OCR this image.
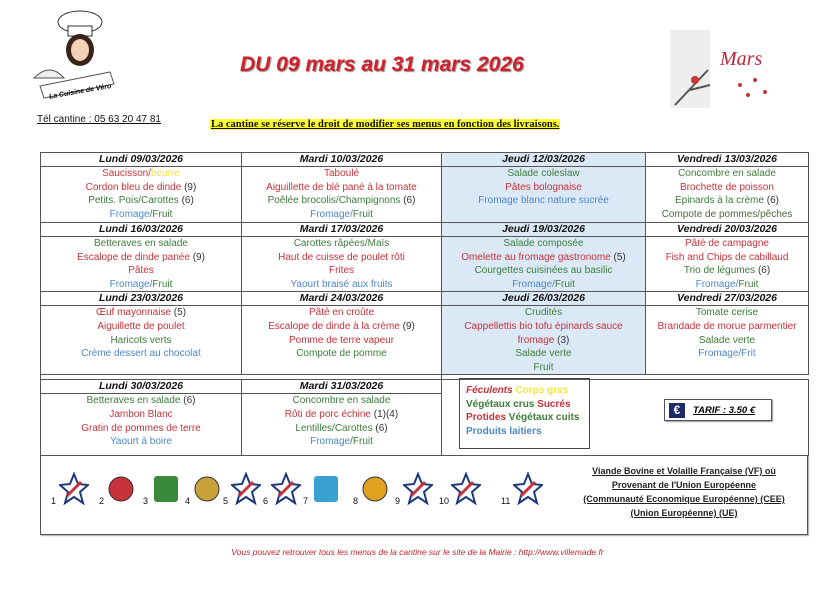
La Cuisine de Véro
Tél cantine : 05 63 20 47 81
DU 09 mars au 31 mars 2026
La cantine se réserve le droit de modifier ses menus en fonction des livraisons.
Mars
Lundi 09/03/2026	Mardi 10/03/2026	Jeudi 12/03/2026	Vendredi 13/03/2026

Saucisson/beurre
Cordon bleu de dinde (9)
Petits. Pois/Carottes (6)
Fromage/Fruit	Taboulé
Aiguillette de blé pané à la tomate
Poêlée brocolis/Champignons (6)
Fromage/Fruit	Salade coleslaw
Pâtes bolognaise
Fromage blanc nature sucrée	Concombre en salade
Brochette de poisson
Epinards à la crème (6)
Compote de pommes/pêches

Lundi 16/03/2026	Mardi 17/03/2026	Jeudi 19/03/2026	Vendredi 20/03/2026

Betteraves en salade
Escalope de dinde panée (9)
Pâtes
Fromage/Fruit	Carottes râpées/Maïs
Haut de cuisse de poulet rôti
Frites
Yaourt braisé aux fruits	Salade composée
Omelette au fromage gastronome (5)
Courgettes cuisinées au basilic
Fromage/Fruit	Pâté de campagne
Fish and Chips de cabillaud
Trio de légumes (6)
Fromage/Fruit

Lundi 23/03/2026	Mardi 24/03/2026	Jeudi 26/03/2026	Vendredi 27/03/2026

Œuf mayonnaise (5)
Aiguillette de poulet
Haricots verts
Crème dessert au chocolat	Pâté en croûte
Escalope de dinde à la crème (9)
Pomme de terre vapeur
Compote de pomme	Crudités
Cappellettis bio tofu épinards sauce
fromage (3)
Salade verte
Fruit	Tomate cerise
Brandade de morue parmentier
Salade verte
Fromage/Frit

Lundi 30/03/2026	Mardi 31/03/2026		

Betteraves en salade (6)
Jambon Blanc
Gratin de pommes de terre
Yaourt à boire	Concombre en salade
Rôti de porc échine (1)(4)
Lentilles/Carottes (6)
Fromage/Fruit		
Féculents Corps gras
Végétaux crus Sucrés
Protides Végétaux cuits
Produits laitiers
€	TARIF : 3.50 €
1	2	3	4	5	6	7	8	9	10	11
Viande Bovine et Volaille Française (VF) où
Provenant de l'Union Européenne
(Communauté Economique Européenne) (CEE)
(Union Européenne) (UE)
Vous pouvez retrouver tous les menus de la cantine sur le site de la Mairie : http://www.villemade.fr
